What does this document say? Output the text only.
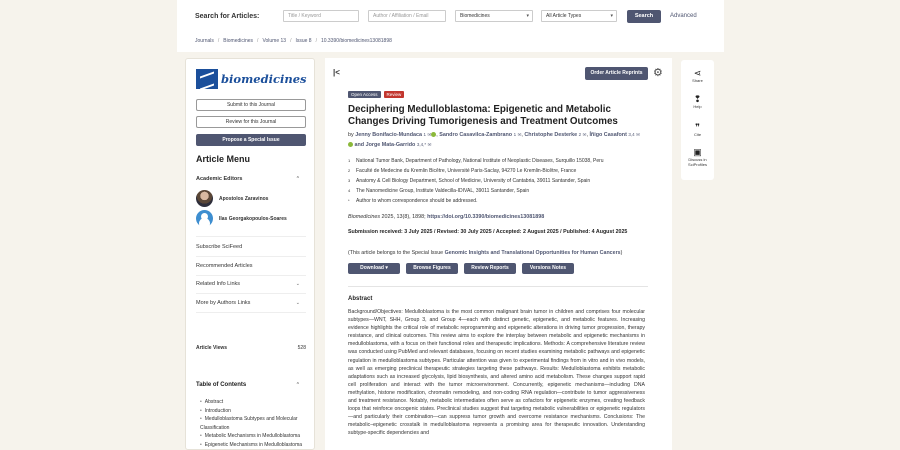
Search for Articles:	Title / Keyword	Author / Affiliation / Email	Biomedicines	▾	All Article Types	▾	Search	Advanced
Journals / Biomedicines / Volume 13 / Issue 8 / 10.3390/biomedicines13081898
biomedicines
Submit to this Journal
Review for this Journal
Propose a Special Issue
Article Menu
Academic Editors	⌃
Apostolos Zaravinos
Ilas Georgakopoulos-Soares
Subscribe SciFeed
Recommended Articles
Related Info Links	⌄
More by Authors Links	⌄
Article Views	528
Table of Contents	⌃
• Abstract
• Introduction
• Medulloblastoma Subtypes and Molecular Classification
• Metabolic Mechanisms in Medulloblastoma
• Epigenetic Mechanisms in Medulloblastoma
|<	Order Article Reprints ⚙
Open Access	Review
Deciphering Medulloblastoma: Epigenetic and Metabolic Changes Driving Tumorigenesis and Treatment Outcomes
by Jenny Bonifacio-Mundaca 1 ✉ , Sandro Casavilca-Zambrano 1 ✉, Christophe Desterke 2 ✉, Íñigo Casafont 3,4 ✉ and Jorge Mata-Garrido 3,4,* ✉
1	National Tumor Bank, Department of Pathology, National Institute of Neoplastic Diseases, Surquillo 15038, Peru
2	Faculté de Medecine du Kremlin Bicêtre, Université Paris-Saclay, 94270 Le Kremlin-Bicêtre, France
3	Anatomy & Cell Biology Department, School of Medicine, University of Cantabria, 39011 Santander, Spain
4	The Nanomedicine Group, Institute Valdecilla-IDIVAL, 39011 Santander, Spain
*	Author to whom correspondence should be addressed.
Biomedicines 2025, 13(8), 1898; https://doi.org/10.3390/biomedicines13081898
Submission received: 3 July 2025 / Revised: 30 July 2025 / Accepted: 2 August 2025 / Published: 4 August 2025
(This article belongs to the Special Issue Genomic Insights and Translational Opportunities for Human Cancers)
Download ▾	Browse Figures	Review Reports	Versions Notes
Abstract
Background/Objectives: Medulloblastoma is the most common malignant brain tumor in children and comprises four molecular subtypes—WNT, SHH, Group 3, and Group 4—each with distinct genetic, epigenetic, and metabolic features. Increasing evidence highlights the critical role of metabolic reprogramming and epigenetic alterations in driving tumor progression, therapy resistance, and clinical outcomes. This review aims to explore the interplay between metabolic and epigenetic mechanisms in medulloblastoma, with a focus on their functional roles and therapeutic implications. Methods: A comprehensive literature review was conducted using PubMed and relevant databases, focusing on recent studies examining metabolic pathways and epigenetic regulation in medulloblastoma subtypes. Particular attention was given to experimental findings from in vitro and in vivo models, as well as emerging preclinical therapeutic strategies targeting these pathways. Results: Medulloblastoma exhibits metabolic adaptations such as increased glycolysis, lipid biosynthesis, and altered amino acid metabolism. These changes support rapid cell proliferation and interact with the tumor microenvironment. Concurrently, epigenetic mechanisms—including DNA methylation, histone modification, chromatin remodeling, and non-coding RNA regulation—contribute to tumor aggressiveness and treatment resistance. Notably, metabolic intermediates often serve as cofactors for epigenetic enzymes, creating feedback loops that reinforce oncogenic states. Preclinical studies suggest that targeting metabolic vulnerabilities or epigenetic regulators—and particularly their combination—can suppress tumor growth and overcome resistance mechanisms. Conclusions: The metabolic–epigenetic crosstalk in medulloblastoma represents a promising area for therapeutic innovation. Understanding subtype-specific dependencies and
⋖
Share
❢
Help
❞
Cite
▣
Discuss in SciProfiles
